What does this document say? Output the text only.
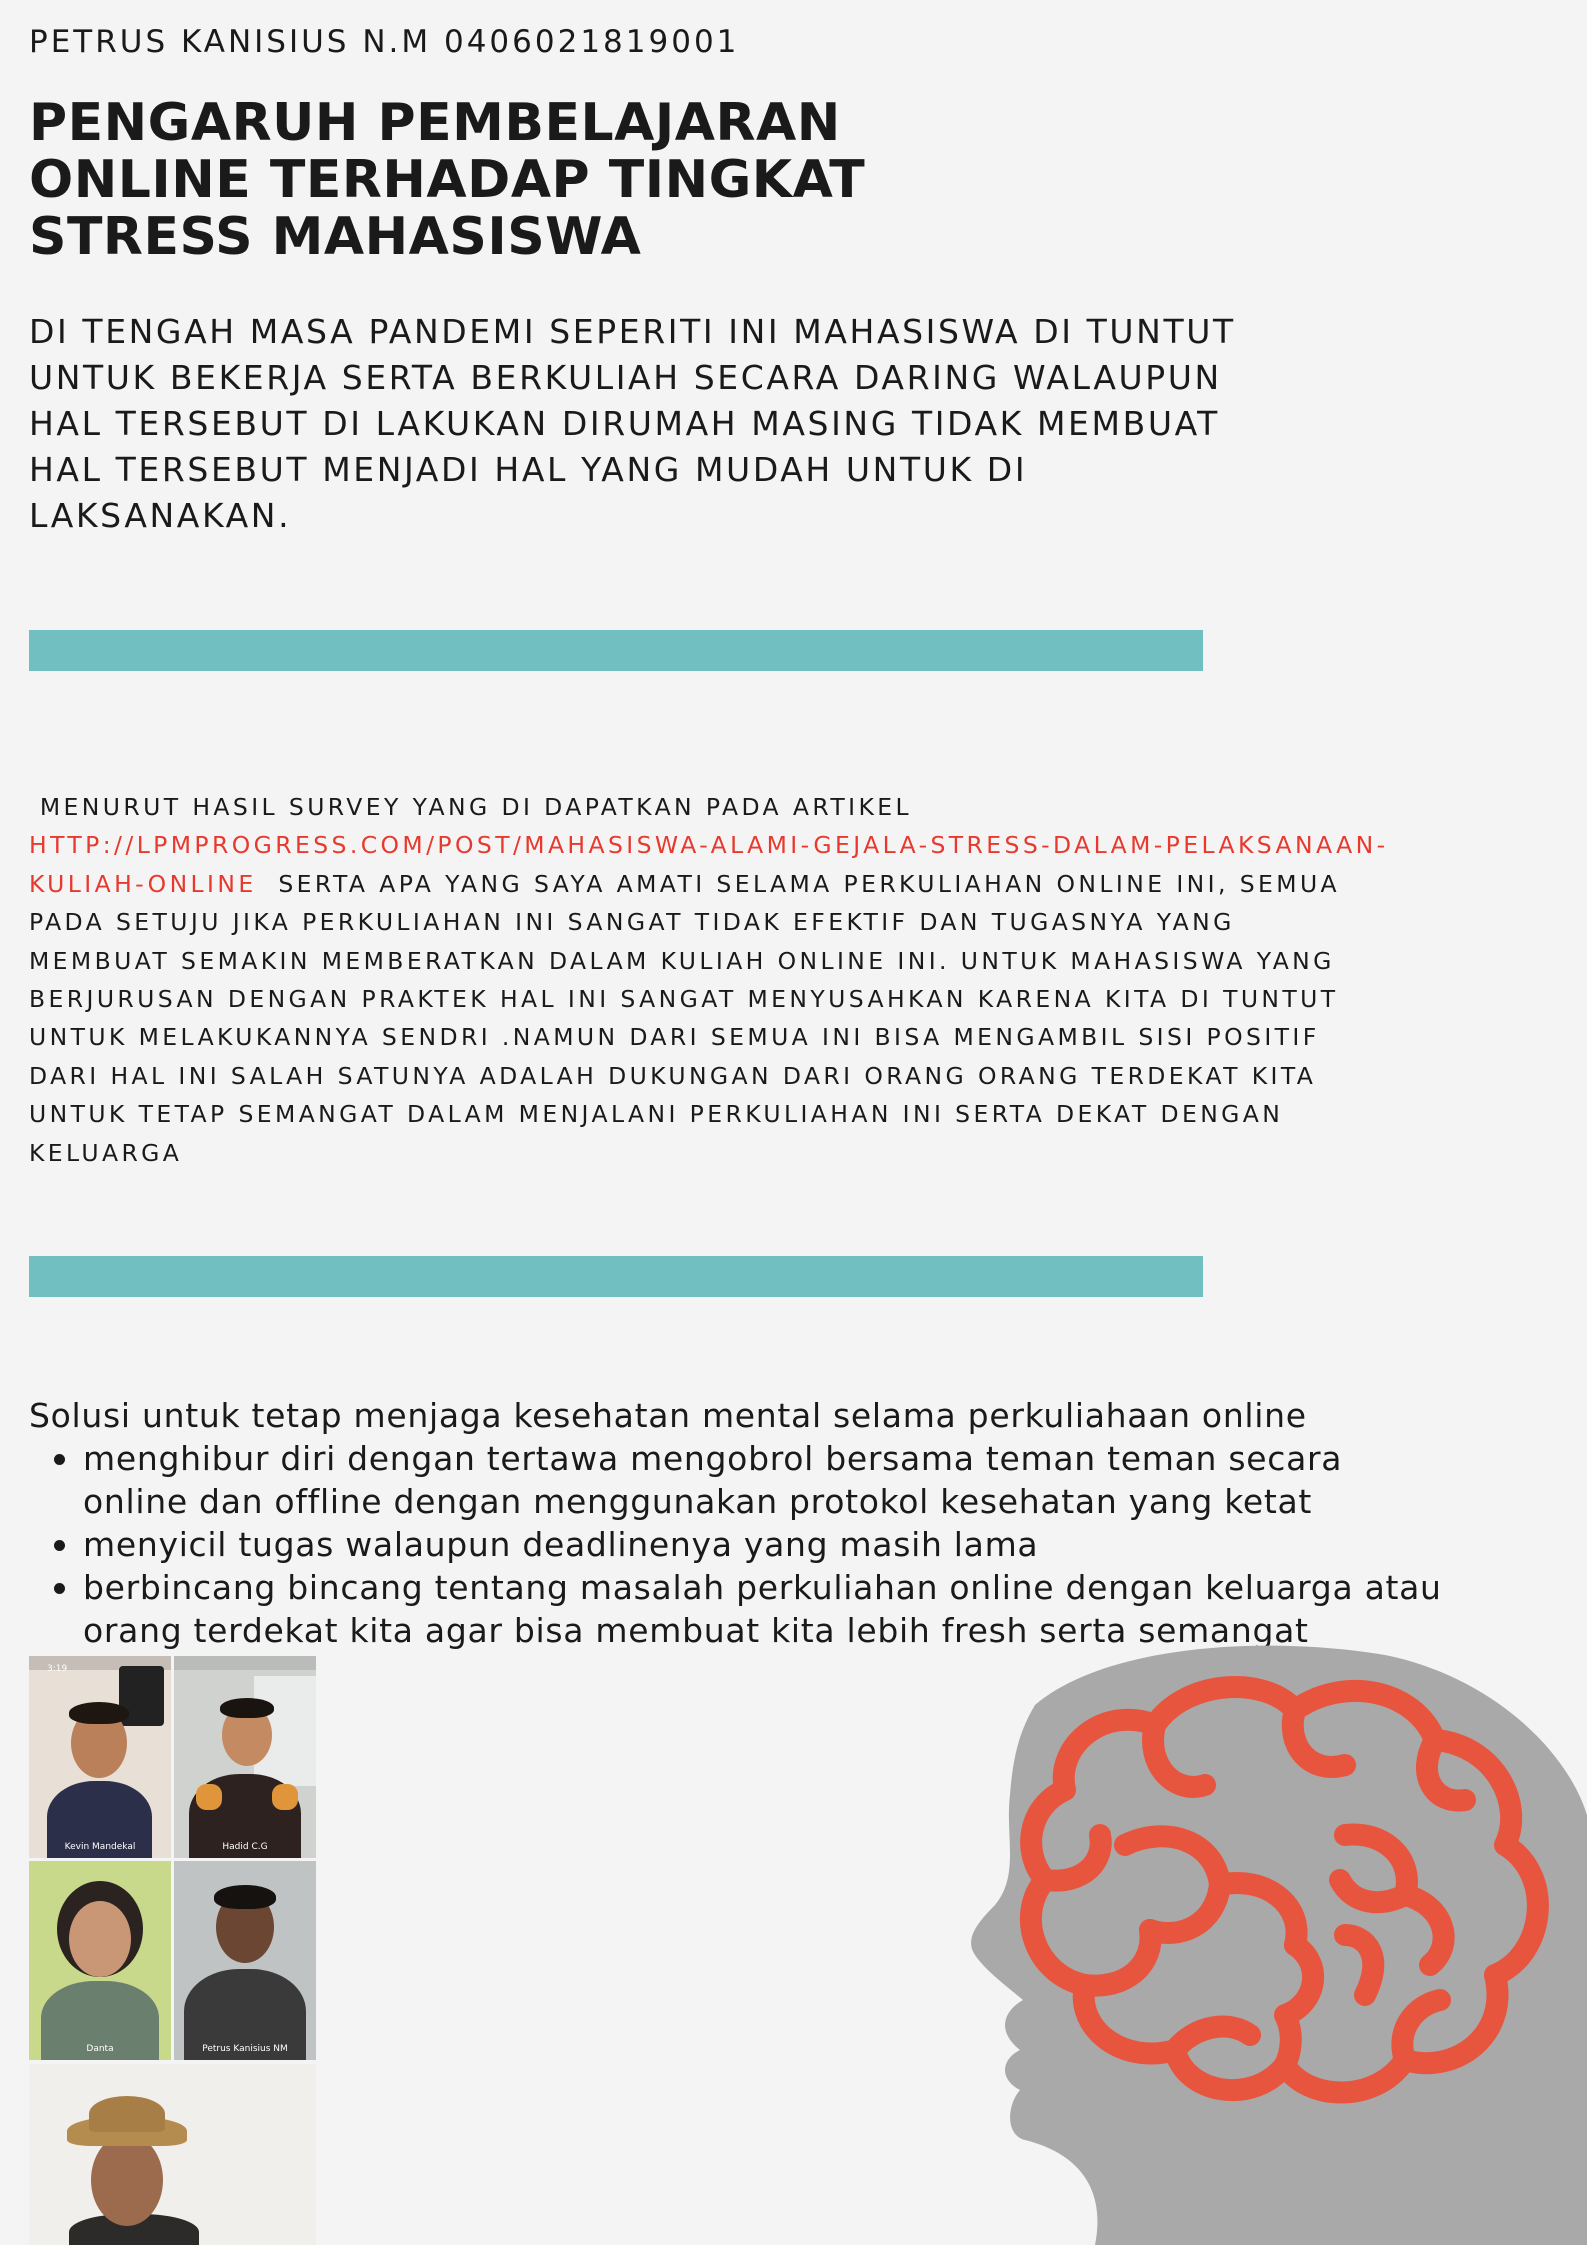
PETRUS KANISIUS N.M 0406021819001
PENGARUH PEMBELAJARAN
ONLINE TERHADAP TINGKAT
STRESS MAHASISWA
DI TENGAH MASA PANDEMI SEPERITI INI MAHASISWA DI TUNTUT
UNTUK BEKERJA SERTA BERKULIAH SECARA DARING WALAUPUN
HAL TERSEBUT DI LAKUKAN DIRUMAH MASING TIDAK MEMBUAT
HAL TERSEBUT MENJADI HAL YANG MUDAH UNTUK DI
LAKSANAKAN.
MENURUT HASIL SURVEY YANG DI DAPATKAN PADA ARTIKEL
HTTP://LPMPROGRESS.COM/POST/MAHASISWA-ALAMI-GEJALA-STRESS-DALAM-PELAKSANAAN-
KULIAH-ONLINE  SERTA APA YANG SAYA AMATI SELAMA PERKULIAHAN ONLINE INI, SEMUA
PADA SETUJU JIKA PERKULIAHAN INI SANGAT TIDAK EFEKTIF DAN TUGASNYA YANG
MEMBUAT SEMAKIN MEMBERATKAN DALAM KULIAH ONLINE INI. UNTUK MAHASISWA YANG
BERJURUSAN DENGAN PRAKTEK HAL INI SANGAT MENYUSAHKAN KARENA KITA DI TUNTUT
UNTUK MELAKUKANNYA SENDRI .NAMUN DARI SEMUA INI BISA MENGAMBIL SISI POSITIF
DARI HAL INI SALAH SATUNYA ADALAH DUKUNGAN DARI ORANG ORANG TERDEKAT KITA
UNTUK TETAP SEMANGAT DALAM MENJALANI PERKULIAHAN INI SERTA DEKAT DENGAN
KELUARGA
Solusi untuk tetap menjaga kesehatan mental selama perkuliahaan online
menghibur diri dengan tertawa mengobrol bersama teman teman secara
online dan offline dengan menggunakan protokol kesehatan yang ketat
menyicil tugas walaupun deadlinenya yang masih lama
berbincang bincang tentang masalah perkuliahan online dengan keluarga atau
orang terdekat kita agar bisa membuat kita lebih fresh serta semangat
3:19
Kevin Mandekal	Hadid C.G
Danta	Petrus Kanisius NM
